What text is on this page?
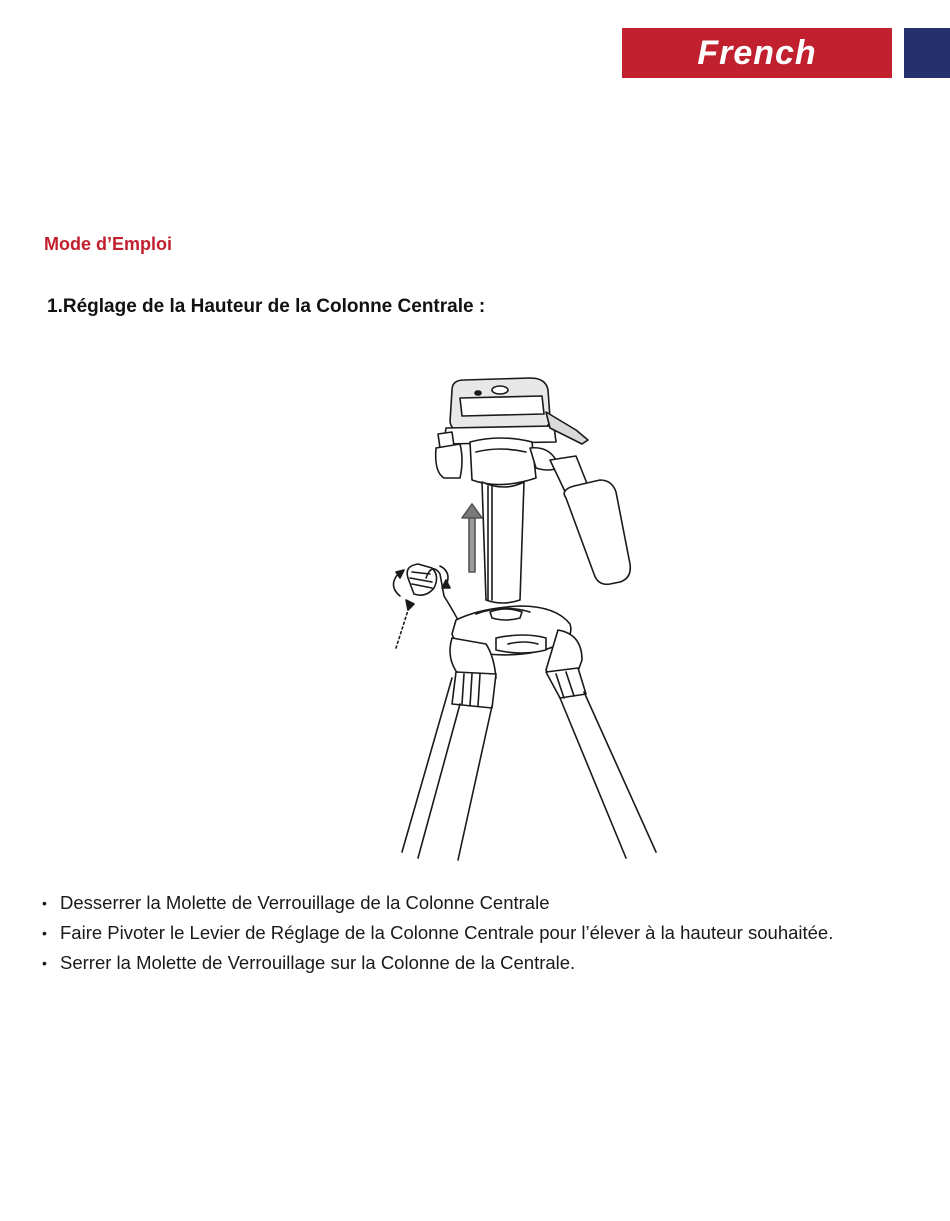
French
Mode d’Emploi
1.Réglage de la Hauteur de la Colonne Centrale :
• Desserrer la Molette de Verrouillage de la Colonne Centrale
• Faire Pivoter le Levier de Réglage de la Colonne Centrale pour l’élever à la hauteur souhaitée.
• Serrer la Molette de Verrouillage sur la Colonne de la Centrale.
